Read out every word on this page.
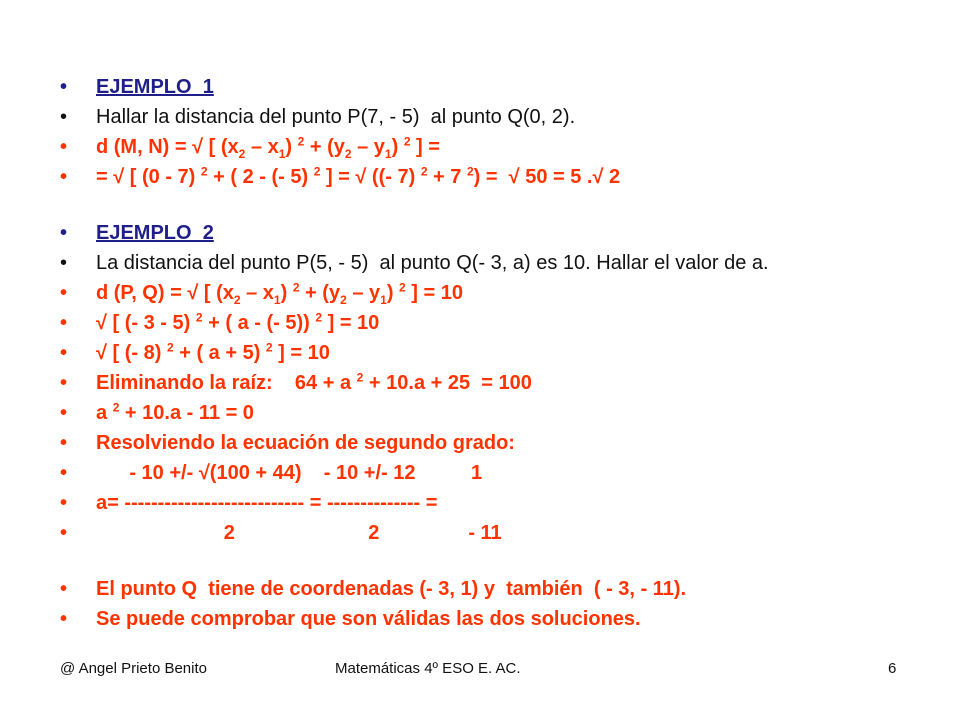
•

	EJEMPLO  1

•

	Hallar la distancia del punto P(7, - 5)  al punto Q(0, 2).

•

	d (M, N) = √ [ $(x_2 - x_1) ^2 + (y_2 - y_1)$ $^2$ ] =

•

	= √ [ (0 - 7) $^2$ + ( 2 - (- 5) $^2$ ] = √ ((- 7) $^2$ + 7 $^2$) =  √ 50 = 5 .√ 2

•

	EJEMPLO  2

•

	La distancia del punto P(5, - 5)  al punto Q(- 3, a) es 10. Hallar el valor de a.

•

	d (P, Q) = √ [ $(x_2 - x_1) ^2 + (y_2 - y_1)$ $^2$ ] = 10

•

	√ [ (- 3 - 5) $^2$ + ( a - (- 5)) $^2$ ] = 10

•

	√ [ (- 8) $^2$ + ( a + 5) $^2$ ] = 10

•

	Eliminando la raíz:    64 + a $^2$ + 10.a + 25  = 100

•

	a $^2$ + 10.a - 11 = 0

•

	Resolviendo la ecuación de segundo grado:

•

	- 10 +/- √(100 + 44)    - 10 +/- 12          1

•

	a= --------------------------- = -------------- =

•

	2                        2                - 11

•

	El punto Q  tiene de coordenadas (- 3, 1) y  también  ( - 3, - 11).

•

	Se puede comprobar que son válidas las dos soluciones.

@ Angel Prieto Benito	Matemáticas 4º ESO E. AC.	6
